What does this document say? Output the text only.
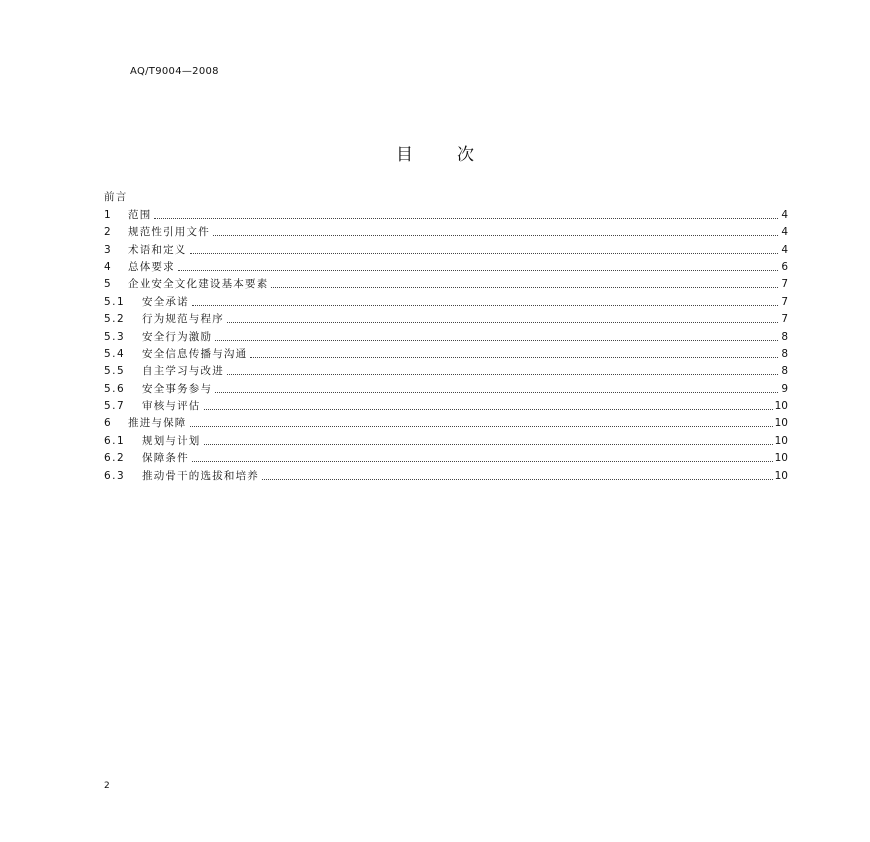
AQ/T9004—2008
目	次
前言
1	范围	4
2	规范性引用文件	4
3	术语和定义	4
4	总体要求	6
5	企业安全文化建设基本要素	7
5.1	安全承诺	7
5.2	行为规范与程序	7
5.3	安全行为激励	8
5.4	安全信息传播与沟通	8
5.5	自主学习与改进	8
5.6	安全事务参与	9
5.7	审核与评估	10
6	推进与保障	10
6.1	规划与计划	10
6.2	保障条件	10
6.3	推动骨干的选拔和培养	10
2
